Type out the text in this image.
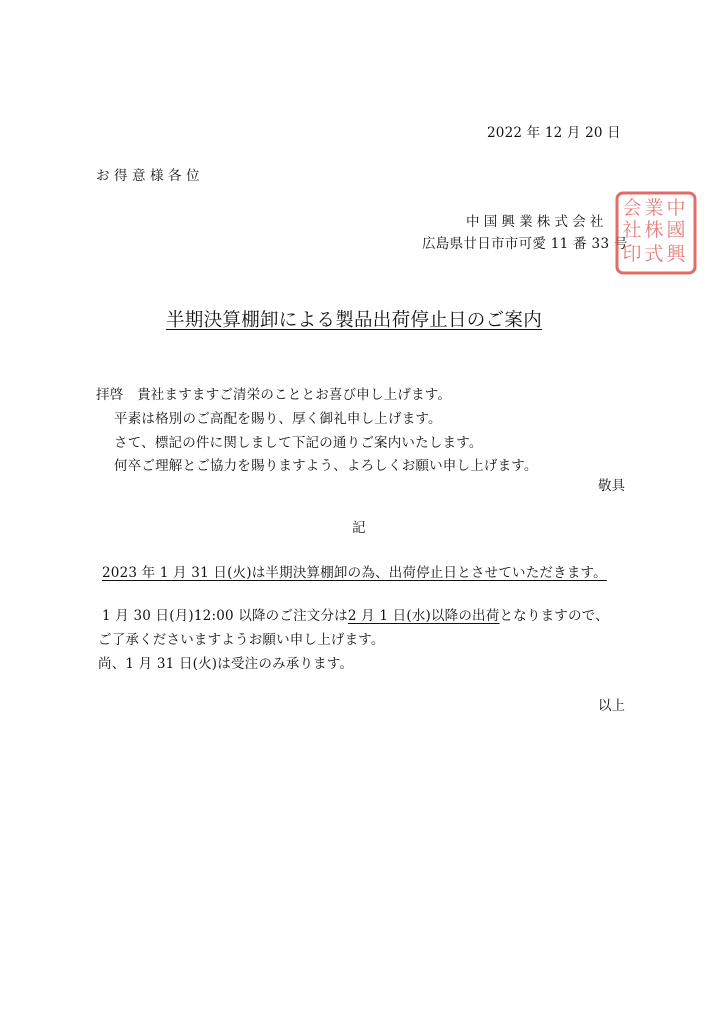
2022 年 12 月 20 日
お得意様各位
中国興業株式会社
広島県廿日市市可愛 11 番 33 号
中
國
興
業
株
式
会
社
印
半期決算棚卸による製品出荷停止日のご案内
拝啓　貴社ますますご清栄のこととお喜び申し上げます。
平素は格別のご高配を賜り、厚く御礼申し上げます。
さて、標記の件に関しまして下記の通りご案内いたします。
何卒ご理解とご協力を賜りますよう、よろしくお願い申し上げます。
敬具
記
2023 年 1 月 31 日(火)は半期決算棚卸の為、出荷停止日とさせていただきます。
1 月 30 日(月)12:00 以降のご注文分は2 月 1 日(水)以降の出荷となりますので、
ご了承くださいますようお願い申し上げます。
尚、1 月 31 日(火)は受注のみ承ります。
以上
